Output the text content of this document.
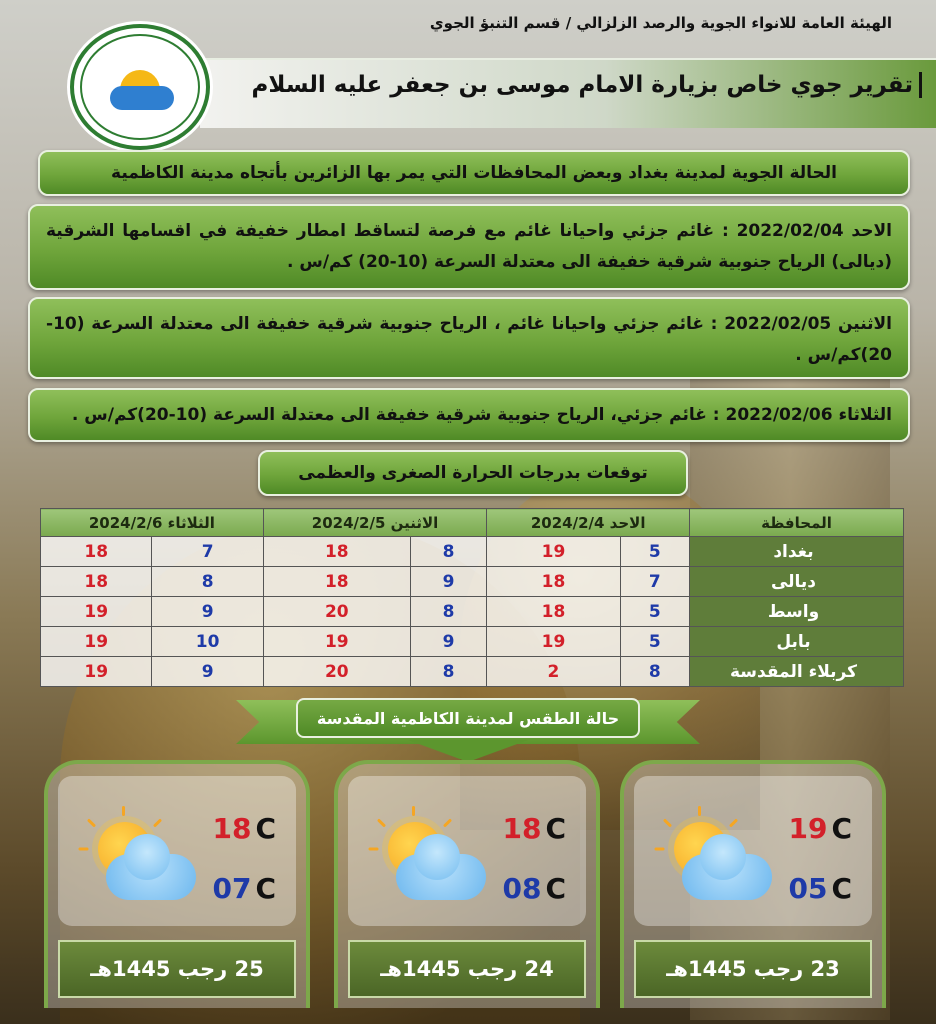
الهيئة العامة للانواء الجوية والرصد الزلزالي / قسم التنبؤ الجوي
تقرير جوي خاص بزيارة الامام موسى بن جعفر عليه السلام
الحالة الجوية لمدينة بغداد وبعض المحافظات التي يمر بها الزائرين بأتجاه مدينة الكاظمية
الاحد 2022/02/04 : غائم جزئي واحيانا غائم مع فرصة لتساقط امطار خفيفة في اقسامها الشرقية (ديالى) الرياح جنوبية شرقية خفيفة الى معتدلة السرعة (10-20) كم/س .
الاثنين 2022/02/05 : غائم جزئي واحيانا غائم ، الرياح جنوبية شرقية خفيفة الى معتدلة السرعة (10-20)كم/س .
الثلاثاء 2022/02/06 : غائم جزئي، الرياح جنوبية شرقية خفيفة الى معتدلة السرعة (10-20)كم/س .
توقعات بدرجات الحرارة الصغرى والعظمى
المحافظة	الاحد 2024/2/4		الاثنين 2024/2/5		الثلاثاء 2024/2/6	
بغداد	5	19	8	18	7	18
ديالى	7	18	9	18	8	18
واسط	5	18	8	20	9	19
بابل	5	19	9	19	10	19
كربلاء المقدسة	8	2	8	20	9	19
حالة الطقس لمدينة الكاظمية المقدسة
19 C
05 C
23 رجب 1445هـ
18 C
08 C
24 رجب 1445هـ
18 C
07 C
25 رجب 1445هـ
